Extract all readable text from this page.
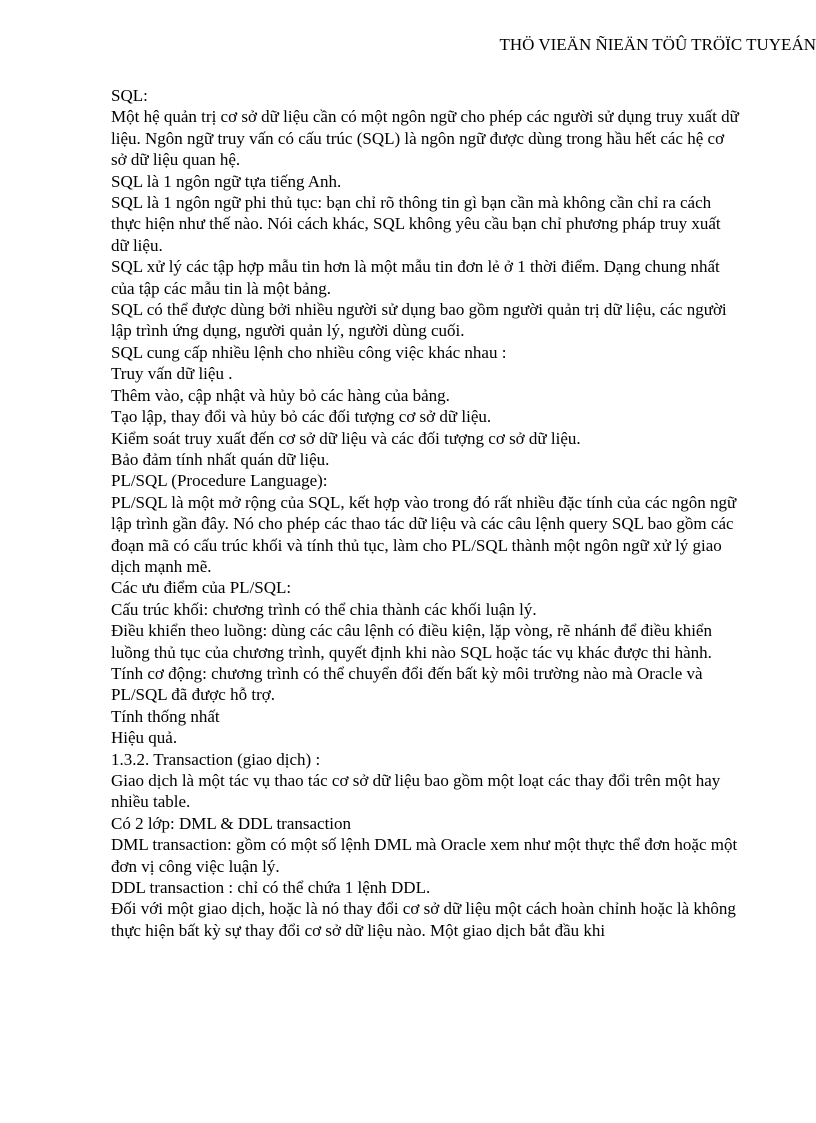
THÖ VIEÄN ÑIEÄN TÖÛ TRÖÏC TUYEÁN

SQL:

Một hệ quản trị cơ sở dữ liệu cần có một ngôn ngữ cho phép các người sử dụng truy xuất dữ liệu. Ngôn ngữ truy vấn có cấu trúc (SQL) là ngôn ngữ được dùng trong hầu hết các hệ cơ sở dữ liệu quan hệ.

SQL là 1 ngôn ngữ tựa tiếng Anh.

SQL là 1 ngôn ngữ phi thủ tục: bạn chỉ rõ thông tin gì bạn cần mà không cần chỉ ra cách thực hiện như thế nào. Nói cách khác, SQL không yêu cầu bạn chỉ phương pháp truy xuất dữ liệu.

SQL xử lý các tập hợp mẫu tin hơn là một mẫu tin đơn lẻ ở 1 thời điểm. Dạng chung nhất của tập các mẫu tin là một bảng.

SQL có thể được dùng bởi nhiều người sử dụng bao gồm người quản trị dữ liệu, các người lập trình ứng dụng, người quản lý, người dùng cuối.

SQL cung cấp nhiều lệnh cho nhiều công việc khác nhau :

Truy vấn dữ liệu .

Thêm vào, cập nhật và hủy bỏ các hàng của bảng.

Tạo lập, thay đổi và hủy bỏ các đối tượng cơ sở dữ liệu.

Kiểm soát truy xuất đến cơ sở dữ liệu và các đối tượng cơ sở dữ liệu.

Bảo đảm tính nhất quán dữ liệu.

PL/SQL (Procedure Language):

PL/SQL là một mở rộng của SQL, kết hợp vào trong đó rất nhiều đặc tính của các ngôn ngữ lập trình gần đây. Nó cho phép các thao tác dữ liệu và các câu lệnh query SQL bao gồm các đoạn mã có cấu trúc khối và tính thủ tục, làm cho PL/SQL thành một ngôn ngữ xử lý giao dịch mạnh mẽ.

Các ưu điểm của PL/SQL:

Cấu trúc khối: chương trình có thể chia thành các khối luận lý.

Điều khiển theo luồng: dùng các câu lệnh có điều kiện, lặp vòng, rẽ nhánh để điều khiển luồng thủ tục của chương trình, quyết định khi nào SQL hoặc tác vụ khác được thi hành.

Tính cơ động: chương trình có thể chuyển đổi đến bất kỳ môi trường nào mà Oracle và PL/SQL đã được hỗ trợ.

Tính thống nhất

Hiệu quả.

1.3.2. Transaction (giao dịch) :

Giao dịch là một tác vụ thao tác cơ sở dữ liệu bao gồm một loạt các thay đổi trên một hay nhiều table.

Có 2 lớp: DML & DDL transaction

DML transaction: gồm có một số lệnh DML mà Oracle xem như một thực thể đơn hoặc một đơn vị công việc luận lý.

DDL transaction : chỉ có thể chứa 1 lệnh DDL.

Đối với một giao dịch, hoặc là nó thay đổi cơ sở dữ liệu một cách hoàn chỉnh hoặc là không thực hiện bất kỳ sự thay đổi cơ sở dữ liệu nào. Một giao dịch bắt đầu khi
